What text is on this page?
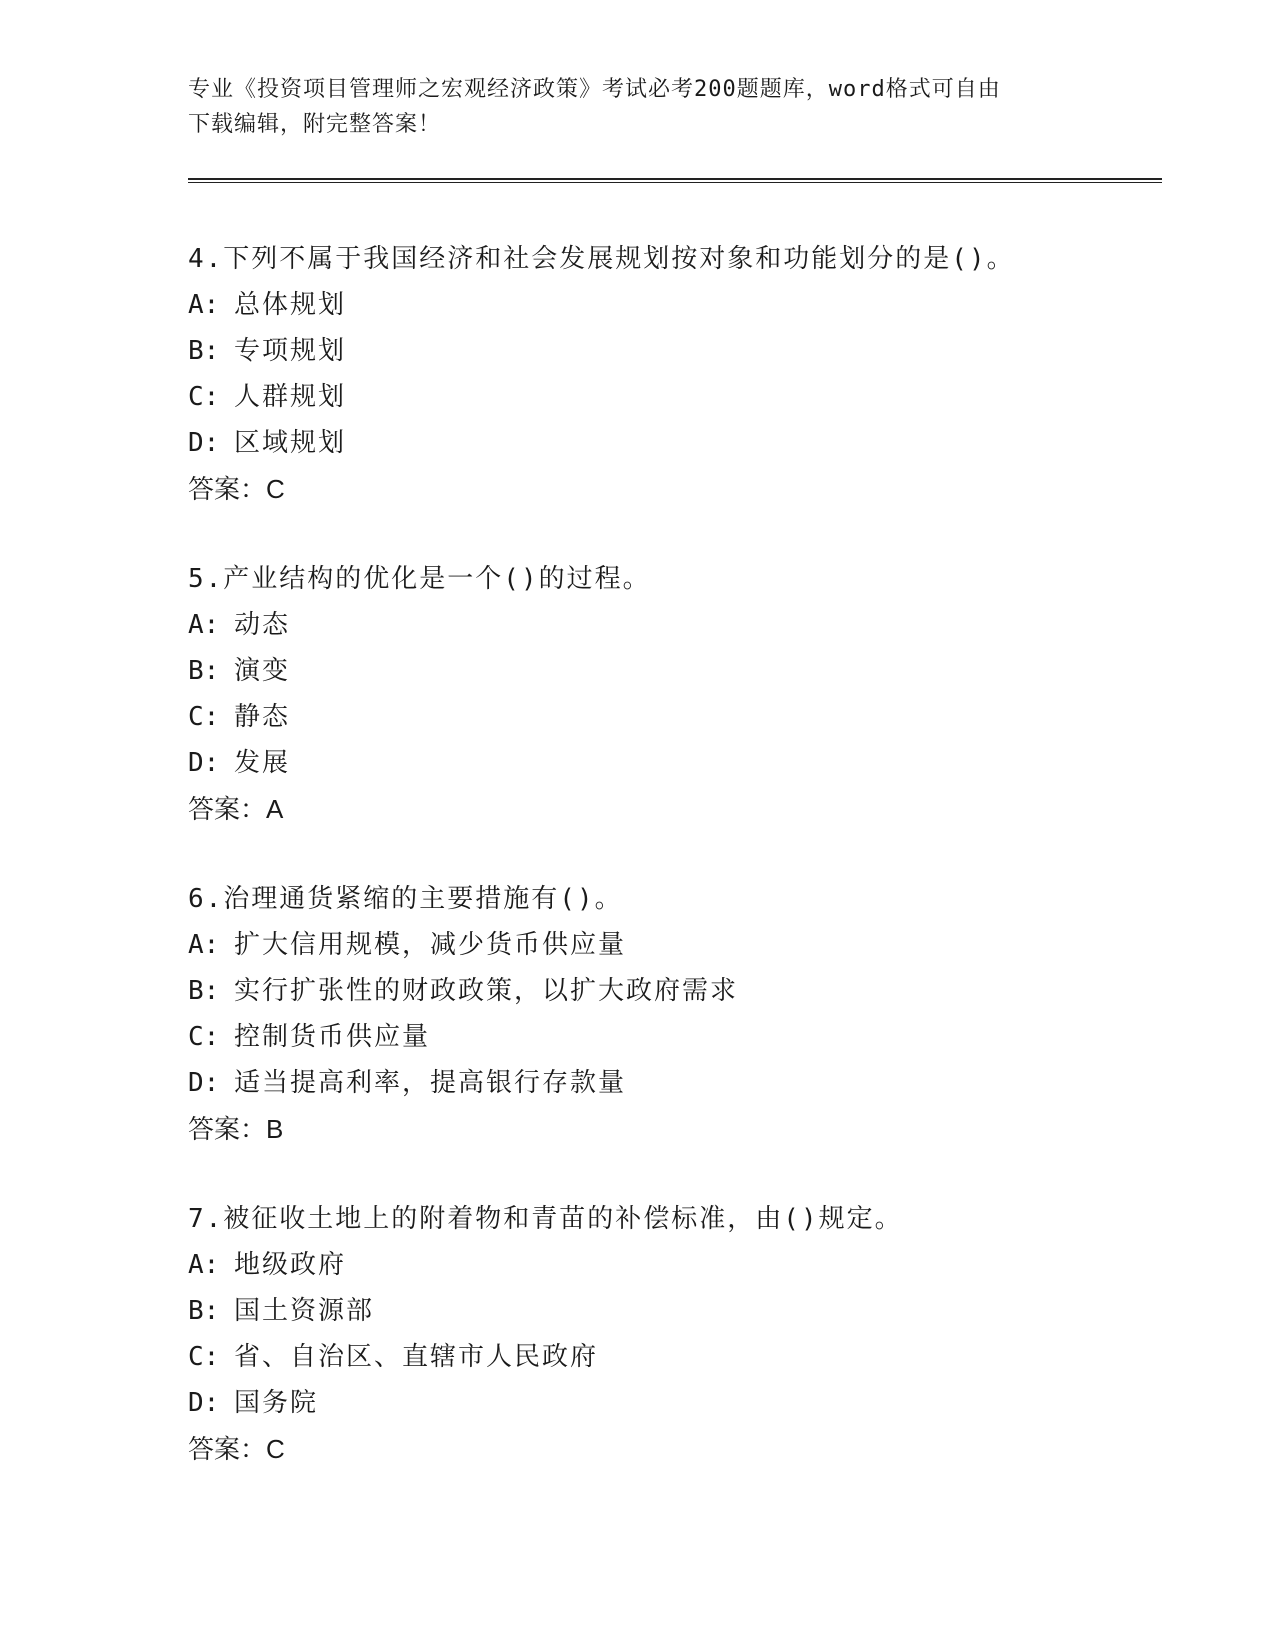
专业《投资项目管理师之宏观经济政策》考试必考200题题库，word格式可自由
下载编辑，附完整答案！
4.下列不属于我国经济和社会发展规划按对象和功能划分的是()。
A: 总体规划
B: 专项规划
C: 人群规划
D: 区域规划
答案：C
5.产业结构的优化是一个()的过程。
A: 动态
B: 演变
C: 静态
D: 发展
答案：A
6.治理通货紧缩的主要措施有()。
A: 扩大信用规模，减少货币供应量
B: 实行扩张性的财政政策，以扩大政府需求
C: 控制货币供应量
D: 适当提高利率，提高银行存款量
答案：B
7.被征收土地上的附着物和青苗的补偿标准，由()规定。
A: 地级政府
B: 国土资源部
C: 省、自治区、直辖市人民政府
D: 国务院
答案：C
